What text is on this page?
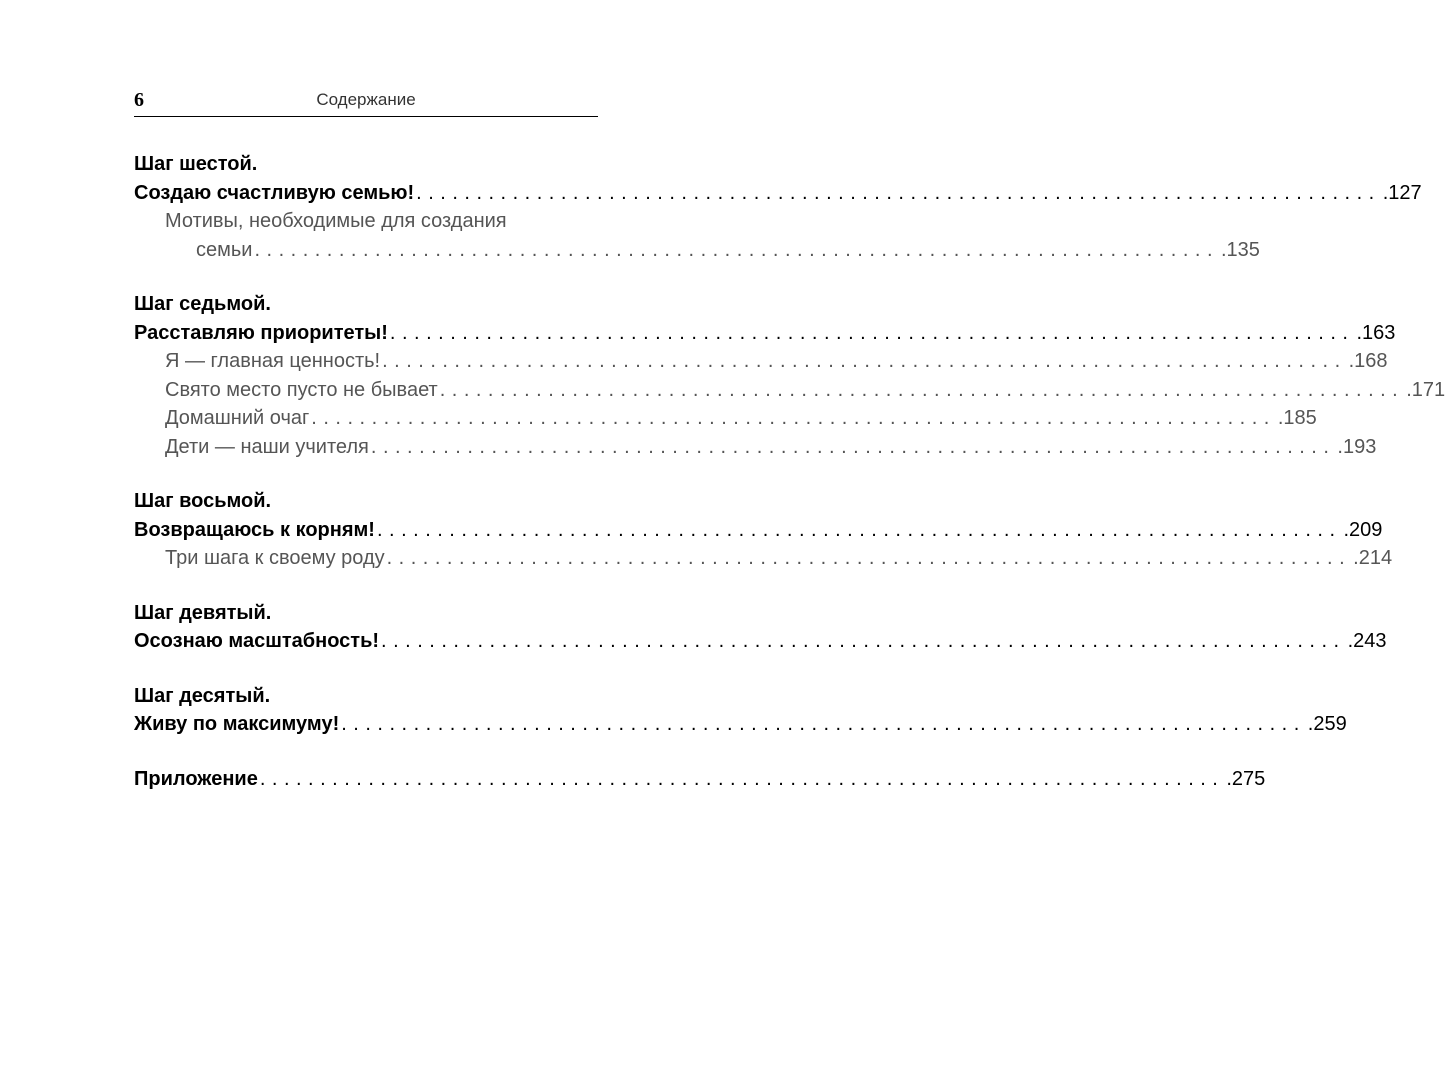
6	Содержание
Шаг шестой.
Создаю счастливую семью! ................................................................................ .127
Мотивы, необходимые для создания
семьи ................................................................................ .135
Шаг седьмой.
Расставляю приоритеты! ................................................................................ .163
Я — главная ценность! ................................................................................ .168
Свято место пусто не бывает ................................................................................ .171
Домашний очаг ................................................................................ .185
Дети — наши учителя ................................................................................ .193
Шаг восьмой.
Возвращаюсь к корням! ................................................................................ .209
Три шага к своему роду ................................................................................ .214
Шаг девятый.
Осознаю масштабность! ................................................................................ .243
Шаг десятый.
Живу по максимуму! ................................................................................ .259
Приложение ................................................................................ .275
